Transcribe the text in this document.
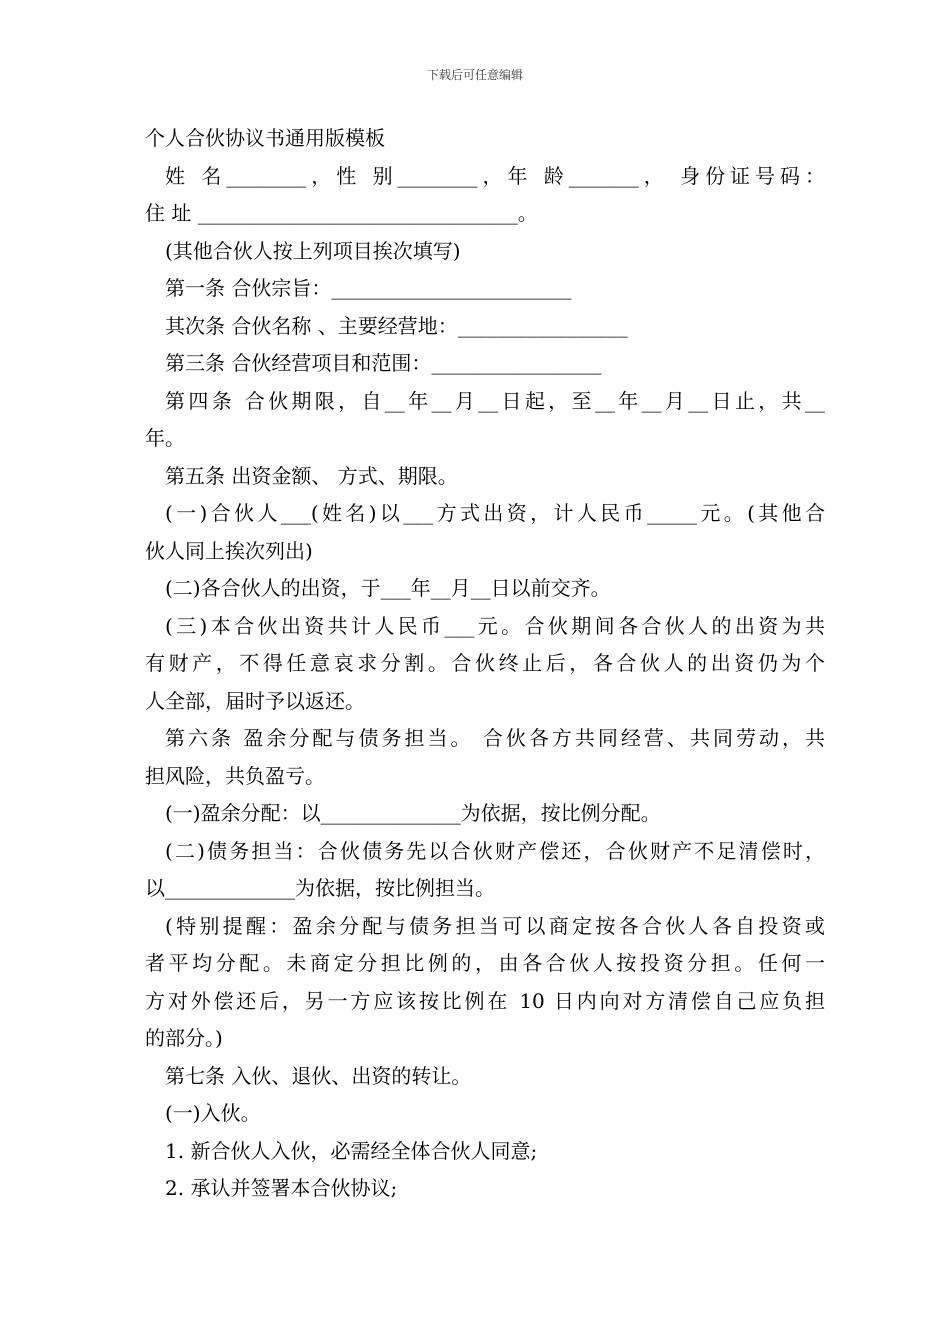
下载后可任意编辑
个人合伙协议书通用版模板
姓 名________，性 别________，年 龄_______， 身份证号码：
住 址 ________________________________。
(其他合伙人按上列项目挨次填写)
第一条 合伙宗旨：________________________
其次条 合伙名称 、主要经营地：_________________
第三条 合伙经营项目和范围：_________________
第四条 合伙期限，自__年__月__日起，至__年__月__日止，共__
年。
第五条 出资金额、 方式、期限。
(一)合伙人___(姓名)以___方式出资，计人民币_____元。(其他合
伙人同上挨次列出)
(二)各合伙人的出资，于___年__月__日以前交齐。
(三)本合伙出资共计人民币___元。合伙期间各合伙人的出资为共
有财产，不得任意哀求分割。合伙终止后，各合伙人的出资仍为个
人全部，届时予以返还。
第六条 盈余分配与债务担当。 合伙各方共同经营、共同劳动，共
担风险，共负盈亏。
(一)盈余分配：以______________为依据，按比例分配。
(二)债务担当：合伙债务先以合伙财产偿还，合伙财产不足清偿时，
以_____________为依据，按比例担当。
(特别提醒：盈余分配与债务担当可以商定按各合伙人各自投资或
者平均分配。未商定分担比例的，由各合伙人按投资分担。任何一
方对外偿还后，另一方应该按比例在 10 日内向对方清偿自己应负担
的部分。)
第七条 入伙、退伙、出资的转让。
(一)入伙。
1. 新合伙人入伙，必需经全体合伙人同意;
2. 承认并签署本合伙协议;
